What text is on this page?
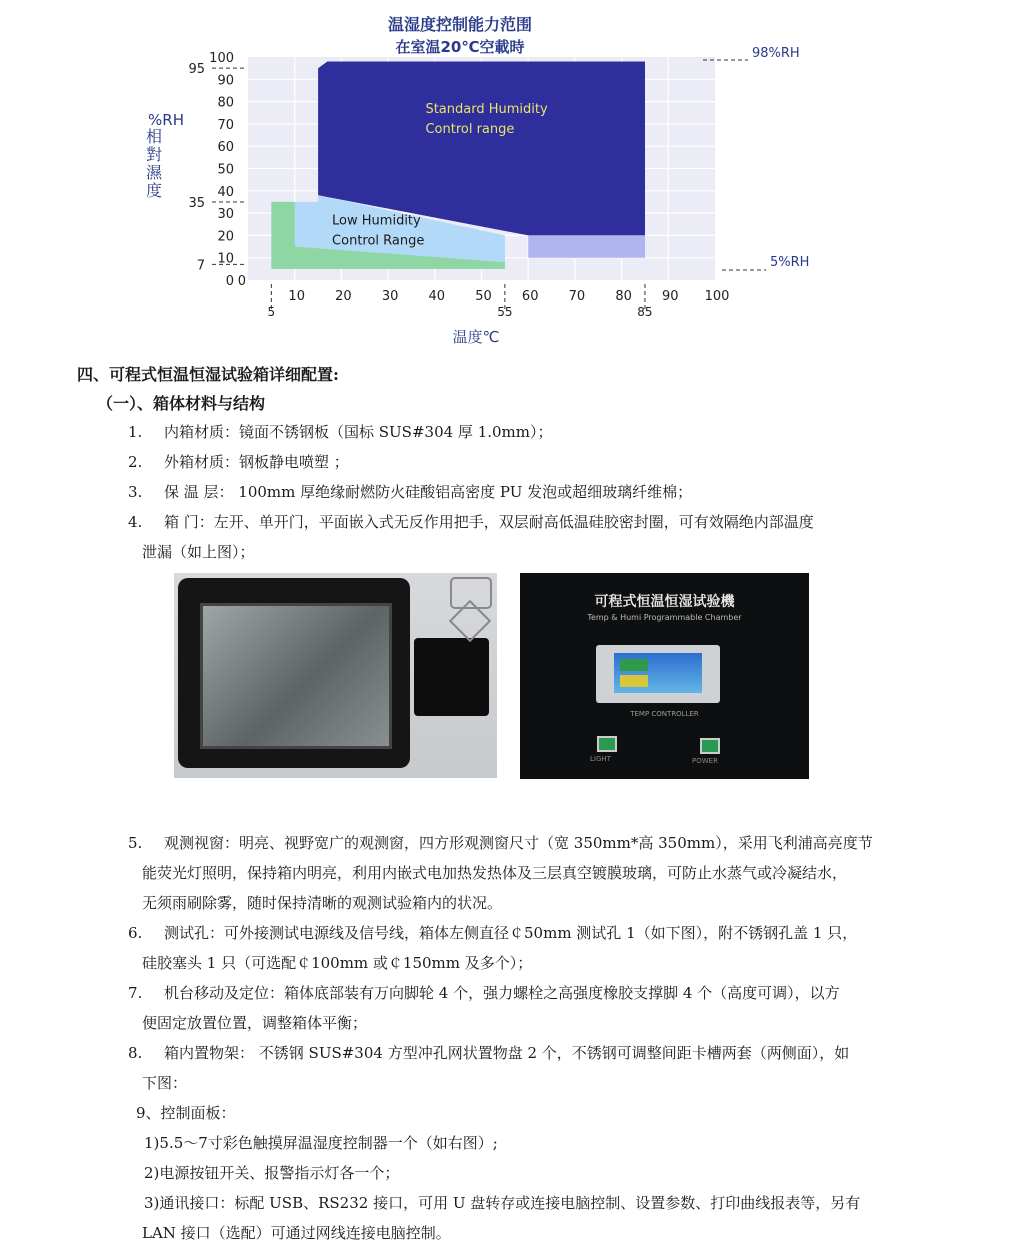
Standard Humidity
Control range
Low Humidity
Control Range
0
10
20
30
40
50
60
70
80
90
100
10 20 30 40 50 60 70 80 90 100
0
95
35
7
5	55	85
相
對
濕
度
温湿度控制能力范围
在室温20℃空載時
%RH
温度℃
98%RH
5%RH
四、可程式恒温恒湿试验箱详细配置:
（一）、箱体材料与结构
1. 内箱材质：镜面不锈钢板（国标 SUS#304 厚 1.0mm）；
2. 外箱材质：钢板静电喷塑 ；
3. 保 温 层： 100mm 厚绝缘耐燃防火硅酸铝高密度 PU 发泡或超细玻璃纤维棉；
4. 箱 门：左开、单开门，平面嵌入式无反作用把手，双层耐高低温硅胶密封圈，可有效隔绝内部温度
泄漏（如上图）；
可程式恒温恒湿试验機
Temp & Humi Programmable Chamber
TEMP CONTROLLER
LIGHT	POWER
5. 观测视窗：明亮、视野宽广的观测窗，四方形观测窗尺寸（宽 350mm*高 350mm），采用飞利浦高亮度节
能荧光灯照明，保持箱内明亮，利用内嵌式电加热发热体及三层真空镀膜玻璃，可防止水蒸气或冷凝结水，
无须雨刷除雾，随时保持清晰的观测试验箱内的状况。
6. 测试孔：可外接测试电源线及信号线，箱体左侧直径￠50mm 测试孔 1（如下图），附不锈钢孔盖 1 只，
硅胶塞头 1 只（可选配￠100mm 或￠150mm 及多个）；
7. 机台移动及定位：箱体底部装有万向脚轮 4 个，强力螺栓之高强度橡胶支撑脚 4 个（高度可调），以方
便固定放置位置，调整箱体平衡；
8. 箱内置物架： 不锈钢 SUS#304 方型冲孔网状置物盘 2 个，不锈钢可调整间距卡槽两套（两侧面），如
下图：
9、控制面板：
1)5.5～7寸彩色触摸屏温湿度控制器一个（如右图）;
2)电源按钮开关、报警指示灯各一个；
3)通讯接口：标配 USB、RS232 接口，可用 U 盘转存或连接电脑控制、设置参数、打印曲线报表等，另有
LAN 接口（选配）可通过网线连接电脑控制。
